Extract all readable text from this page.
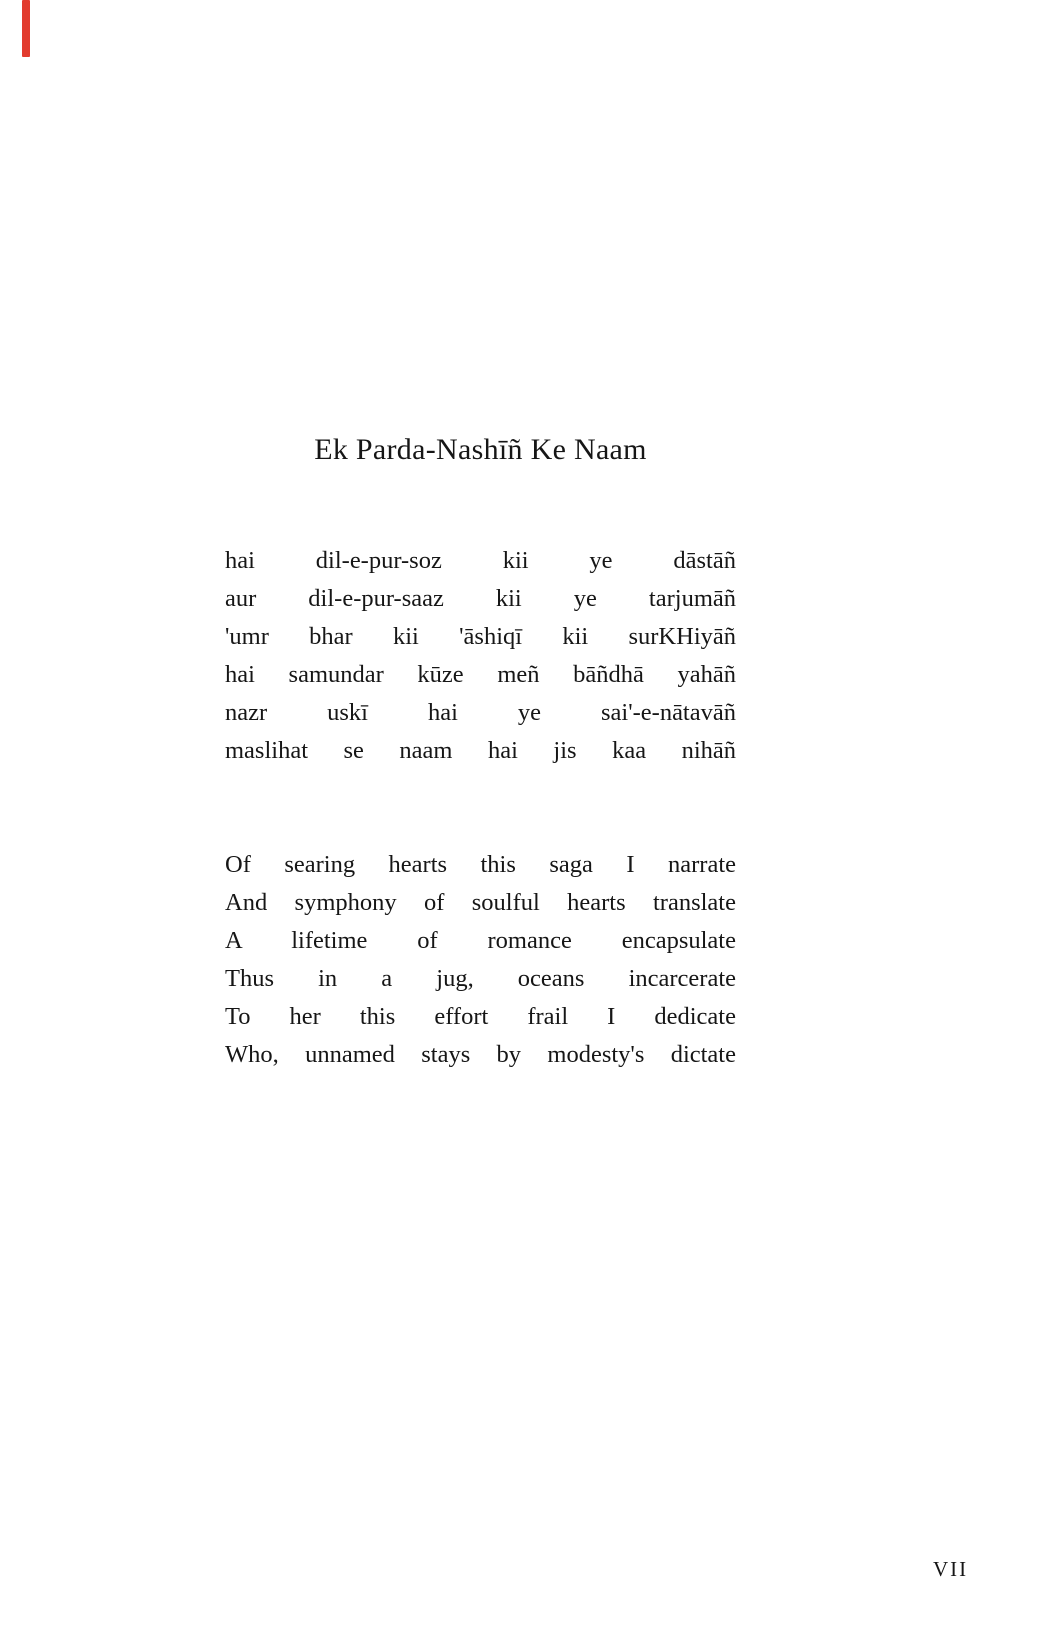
Ek Parda-Nashīñ Ke Naam
hai dil-e-pur-soz kii ye dāstāñ
aur dil-e-pur-saaz kii ye tarjumāñ
'umr bhar kii 'āshiqī kii surKHiyāñ
hai samundar kūze meñ bāñdhā yahāñ
nazr uskī hai ye sai'-e-nātavāñ
maslihat se naam hai jis kaa nihāñ
Of searing hearts this saga I narrate
And symphony of soulful hearts translate
A lifetime of romance encapsulate
Thus in a jug, oceans incarcerate
To her this effort frail I dedicate
Who, unnamed stays by modesty's dictate
VII
